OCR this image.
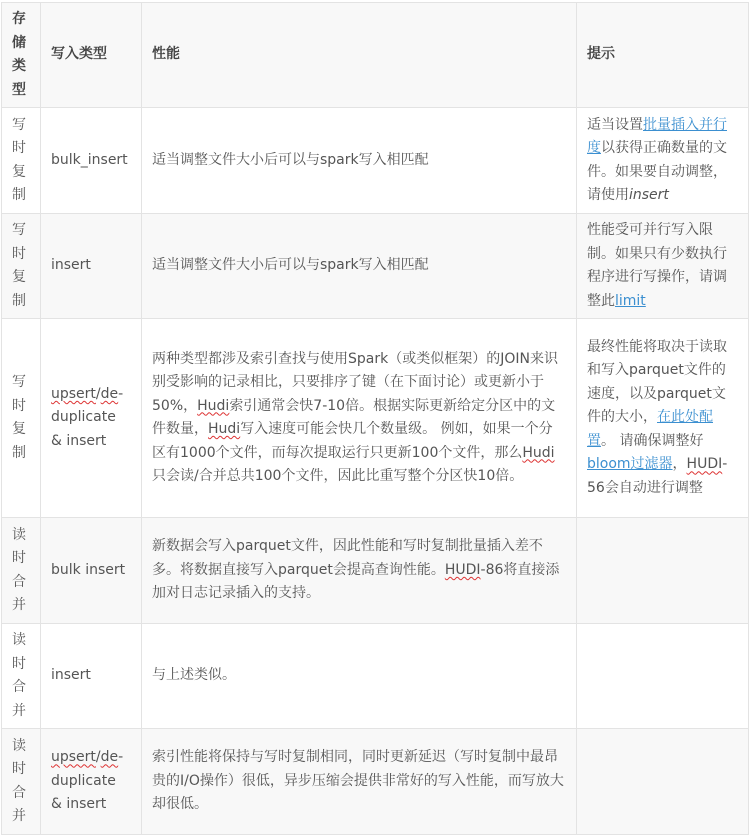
存储类型	写入类型	性能	提示
写时复制	bulk_insert	适当调整文件大小后可以与spark写入相匹配	适当设置批量插入并行度以获得正确数量的文件。如果要自动调整，请使用insert
写时复制	insert	适当调整文件大小后可以与spark写入相匹配	性能受可并行写入限制。如果只有少数执行程序进行写操作，请调整此limit
写时复制	upsert/de-duplicate & insert	两种类型都涉及索引查找与使用Spark（或类似框架）的JOIN来识别受影响的记录相比，只要排序了键（在下面讨论）或更新小于50%，Hudi索引通常会快7-10倍。根据实际更新给定分区中的文件数量，Hudi写入速度可能会快几个数量级。 例如，如果一个分区有1000个文件，而每次提取运行只更新100个文件，那么Hudi只会读/合并总共100个文件，因此比重写整个分区快10倍。	最终性能将取决于读取和写入parquet文件的速度，以及parquet文件的大小，在此处配置。 请确保调整好bloom过滤器，HUDI-56会自动进行调整
读时合并	bulk insert	新数据会写入parquet文件，因此性能和写时复制批量插入差不多。将数据直接写入parquet会提高查询性能。HUDI-86将直接添加对日志记录插入的支持。	
读时合并	insert	与上述类似。	
读时合并	upsert/de-duplicate & insert	索引性能将保持与写时复制相同，同时更新延迟（写时复制中最昂贵的I/O操作）很低，异步压缩会提供非常好的写入性能，而写放大却很低。	
